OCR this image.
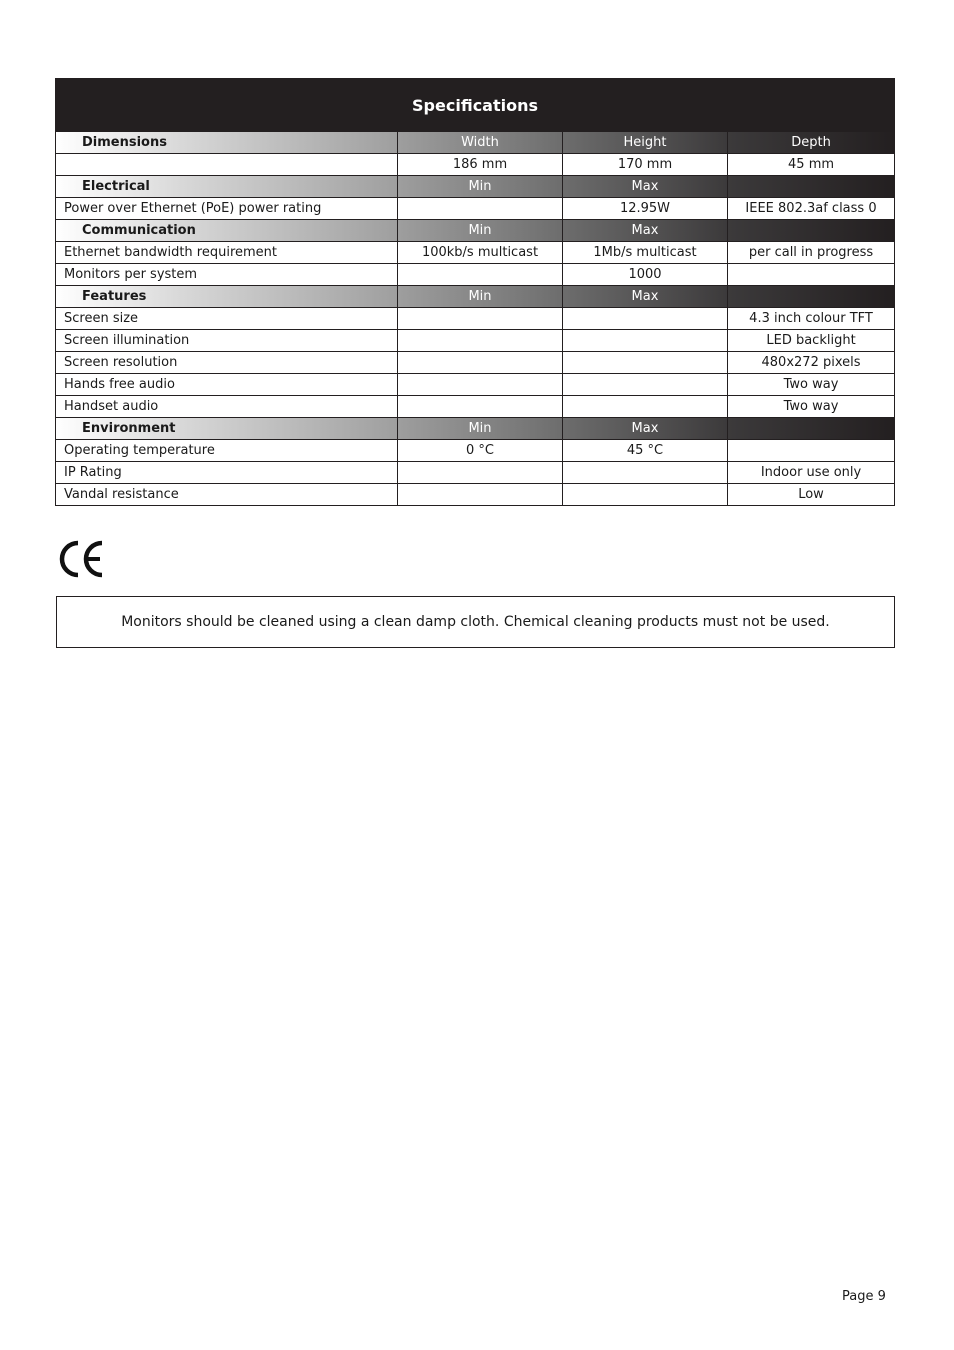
Specifications			
Dimensions	Width	Height	Depth
	186 mm	170 mm	45 mm
Electrical	Min	Max	
Power over Ethernet (PoE) power rating		12.95W	IEEE 802.3af class 0
Communication	Min	Max	
Ethernet bandwidth requirement	100kb/s multicast	1Mb/s multicast	per call in progress
Monitors per system		1000	
Features	Min	Max	
Screen size			4.3 inch colour TFT
Screen illumination			LED backlight
Screen resolution			480x272 pixels
Hands free audio			Two way
Handset audio			Two way
Environment	Min	Max	
Operating temperature	0 °C	45 °C	
IP Rating			Indoor use only
Vandal resistance			Low
Monitors should be cleaned using a clean damp cloth. Chemical cleaning products must not be used.
Page 9
